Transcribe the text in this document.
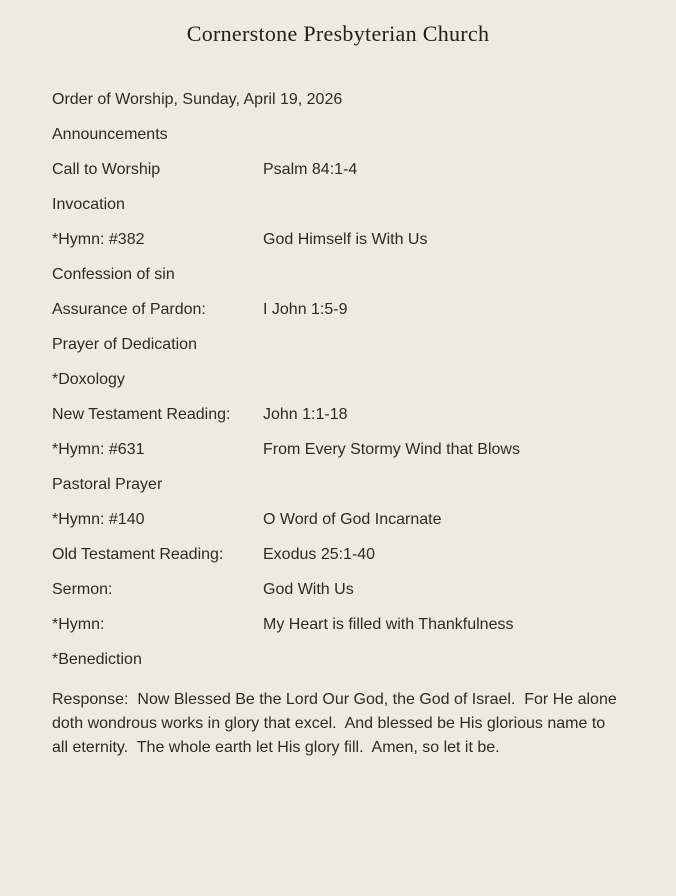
Cornerstone Presbyterian Church
Order of Worship, Sunday, April 19, 2026
Announcements
Call to Worship	Psalm 84:1-4
Invocation
*Hymn: #382	God Himself is With Us
Confession of sin
Assurance of Pardon:	I John 1:5-9
Prayer of Dedication
*Doxology
New Testament Reading:	John 1:1-18
*Hymn: #631	From Every Stormy Wind that Blows
Pastoral Prayer
*Hymn: #140	O Word of God Incarnate
Old Testament Reading:	Exodus 25:1-40
Sermon:	God With Us
*Hymn:	My Heart is filled with Thankfulness
*Benediction

Response:  Now Blessed Be the Lord Our God, the God of Israel.  For He alone doth wondrous works in glory that excel.  And blessed be His glorious name to all eternity.  The whole earth let His glory fill.  Amen, so let it be.
